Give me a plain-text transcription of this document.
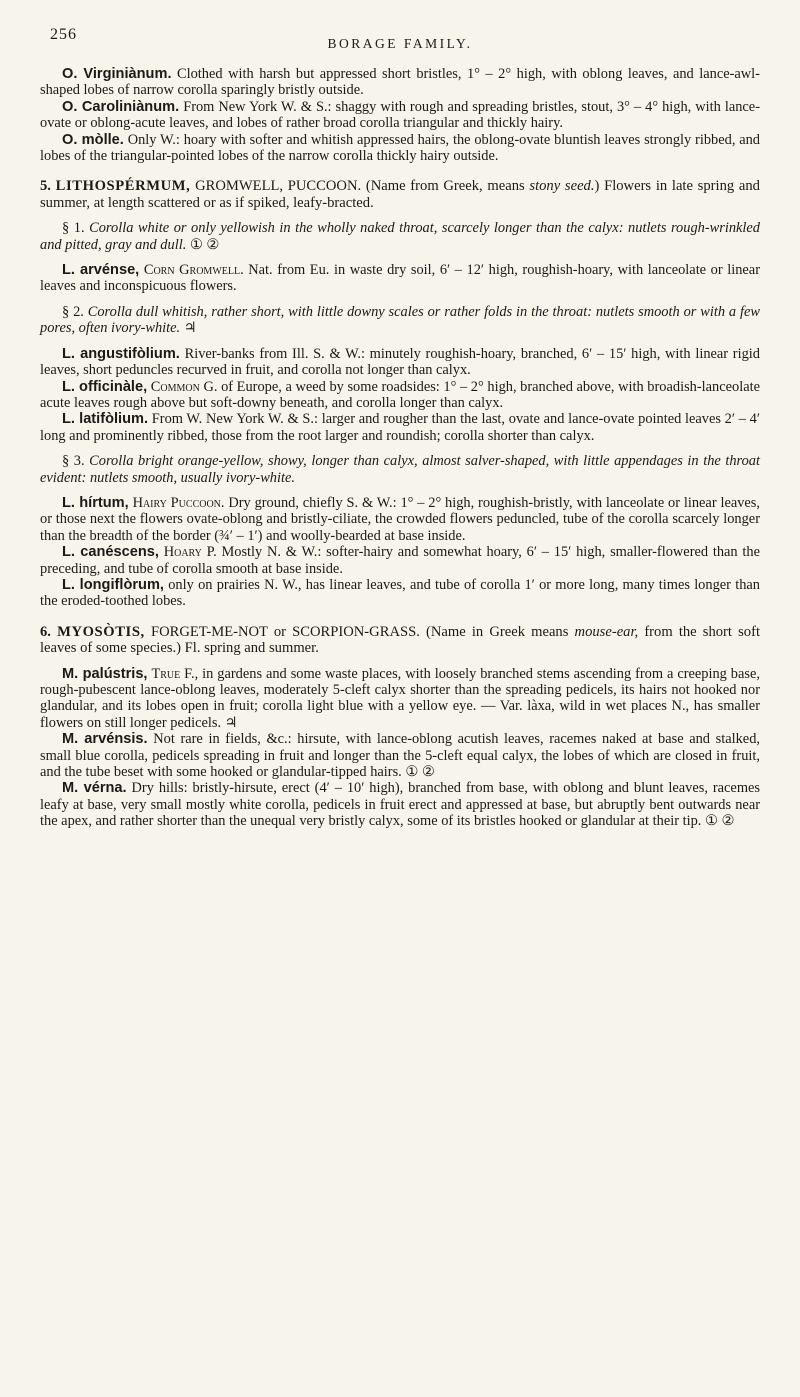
256
BORAGE FAMILY.

O. Virginiànum. Clothed with harsh but appressed short bristles, 1° – 2° high, with oblong leaves, and lance-awl-shaped lobes of narrow corolla sparingly bristly outside.

O. Caroliniànum. From New York W. & S.: shaggy with rough and spreading bristles, stout, 3° – 4° high, with lance-ovate or oblong-acute leaves, and lobes of rather broad corolla triangular and thickly hairy.

O. mòlle. Only W.: hoary with softer and whitish appressed hairs, the oblong-ovate bluntish leaves strongly ribbed, and lobes of the triangular-pointed lobes of the narrow corolla thickly hairy outside.

5. LITHOSPÉRMUM, GROMWELL, PUCCOON. (Name from Greek, means stony seed.) Flowers in late spring and summer, at length scattered or as if spiked, leafy-bracted.

§ 1. Corolla white or only yellowish in the wholly naked throat, scarcely longer than the calyx: nutlets rough-wrinkled and pitted, gray and dull. ① ②

L. arvénse, Corn Gromwell. Nat. from Eu. in waste dry soil, 6′ – 12′ high, roughish-hoary, with lanceolate or linear leaves and inconspicuous flowers.

§ 2. Corolla dull whitish, rather short, with little downy scales or rather folds in the throat: nutlets smooth or with a few pores, often ivory-white. ♃

L. angustifòlium. River-banks from Ill. S. & W.: minutely roughish-hoary, branched, 6′ – 15′ high, with linear rigid leaves, short peduncles recurved in fruit, and corolla not longer than calyx.

L. officinàle, Common G. of Europe, a weed by some roadsides: 1° – 2° high, branched above, with broadish-lanceolate acute leaves rough above but soft-downy beneath, and corolla longer than calyx.

L. latifòlium. From W. New York W. & S.: larger and rougher than the last, ovate and lance-ovate pointed leaves 2′ – 4′ long and prominently ribbed, those from the root larger and roundish; corolla shorter than calyx.

§ 3. Corolla bright orange-yellow, showy, longer than calyx, almost salver-shaped, with little appendages in the throat evident: nutlets smooth, usually ivory-white.

L. hírtum, Hairy Puccoon. Dry ground, chiefly S. & W.: 1° – 2° high, roughish-bristly, with lanceolate or linear leaves, or those next the flowers ovate-oblong and bristly-ciliate, the crowded flowers peduncled, tube of the corolla scarcely longer than the breadth of the border (¾′ – 1′) and woolly-bearded at base inside.

L. canéscens, Hoary P. Mostly N. & W.: softer-hairy and somewhat hoary, 6′ – 15′ high, smaller-flowered than the preceding, and tube of corolla smooth at base inside.

L. longiflòrum, only on prairies N. W., has linear leaves, and tube of corolla 1′ or more long, many times longer than the eroded-toothed lobes.

6. MYOSÒTIS, FORGET-ME-NOT or SCORPION-GRASS. (Name in Greek means mouse-ear, from the short soft leaves of some species.) Fl. spring and summer.

M. palústris, True F., in gardens and some waste places, with loosely branched stems ascending from a creeping base, rough-pubescent lance-oblong leaves, moderately 5-cleft calyx shorter than the spreading pedicels, its hairs not hooked nor glandular, and its lobes open in fruit; corolla light blue with a yellow eye. — Var. làxa, wild in wet places N., has smaller flowers on still longer pedicels. ♃

M. arvénsis. Not rare in fields, &c.: hirsute, with lance-oblong acutish leaves, racemes naked at base and stalked, small blue corolla, pedicels spreading in fruit and longer than the 5-cleft equal calyx, the lobes of which are closed in fruit, and the tube beset with some hooked or glandular-tipped hairs. ① ②

M. vérna. Dry hills: bristly-hirsute, erect (4′ – 10′ high), branched from base, with oblong and blunt leaves, racemes leafy at base, very small mostly white corolla, pedicels in fruit erect and appressed at base, but abruptly bent outwards near the apex, and rather shorter than the unequal very bristly calyx, some of its bristles hooked or glandular at their tip. ① ②
